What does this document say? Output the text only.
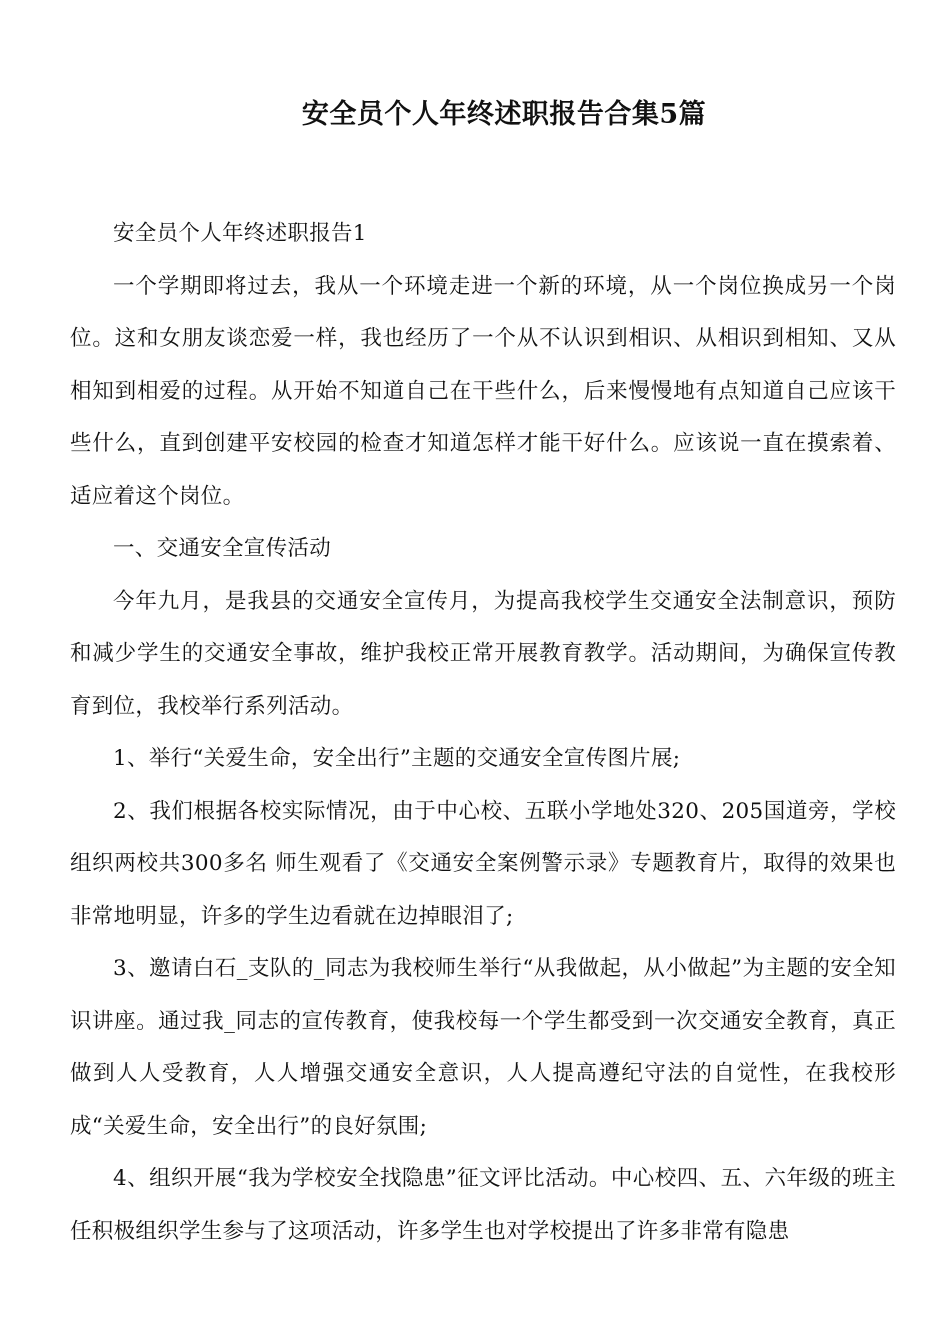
安全员个人年终述职报告合集5篇

安全员个人年终述职报告1

一个学期即将过去，我从一个环境走进一个新的环境，从一个岗位换成另一个岗位。这和女朋友谈恋爱一样，我也经历了一个从不认识到相识、从相识到相知、又从相知到相爱的过程。从开始不知道自己在干些什么，后来慢慢地有点知道自己应该干些什么，直到创建平安校园的检查才知道怎样才能干好什么。应该说一直在摸索着、适应着这个岗位。

一、交通安全宣传活动

今年九月，是我县的交通安全宣传月，为提高我校学生交通安全法制意识，预防和减少学生的交通安全事故，维护我校正常开展教育教学。活动期间，为确保宣传教育到位，我校举行系列活动。

1、举行“关爱生命，安全出行”主题的交通安全宣传图片展;

2、我们根据各校实际情况，由于中心校、五联小学地处320、205国道旁，学校组织两校共300多名 师生观看了《交通安全案例警示录》专题教育片，取得的效果也非常地明显，许多的学生边看就在边掉眼泪了;

3、邀请白石_支队的_同志为我校师生举行“从我做起，从小做起”为主题的安全知识讲座。通过我_同志的宣传教育，使我校每一个学生都受到一次交通安全教育，真正做到人人受教育，人人增强交通安全意识，人人提高遵纪守法的自觉性，在我校形成“关爱生命，安全出行”的良好氛围;

4、组织开展“我为学校安全找隐患”征文评比活动。中心校四、五、六年级的班主任积极组织学生参与了这项活动，许多学生也对学校提出了许多非常有隐患
